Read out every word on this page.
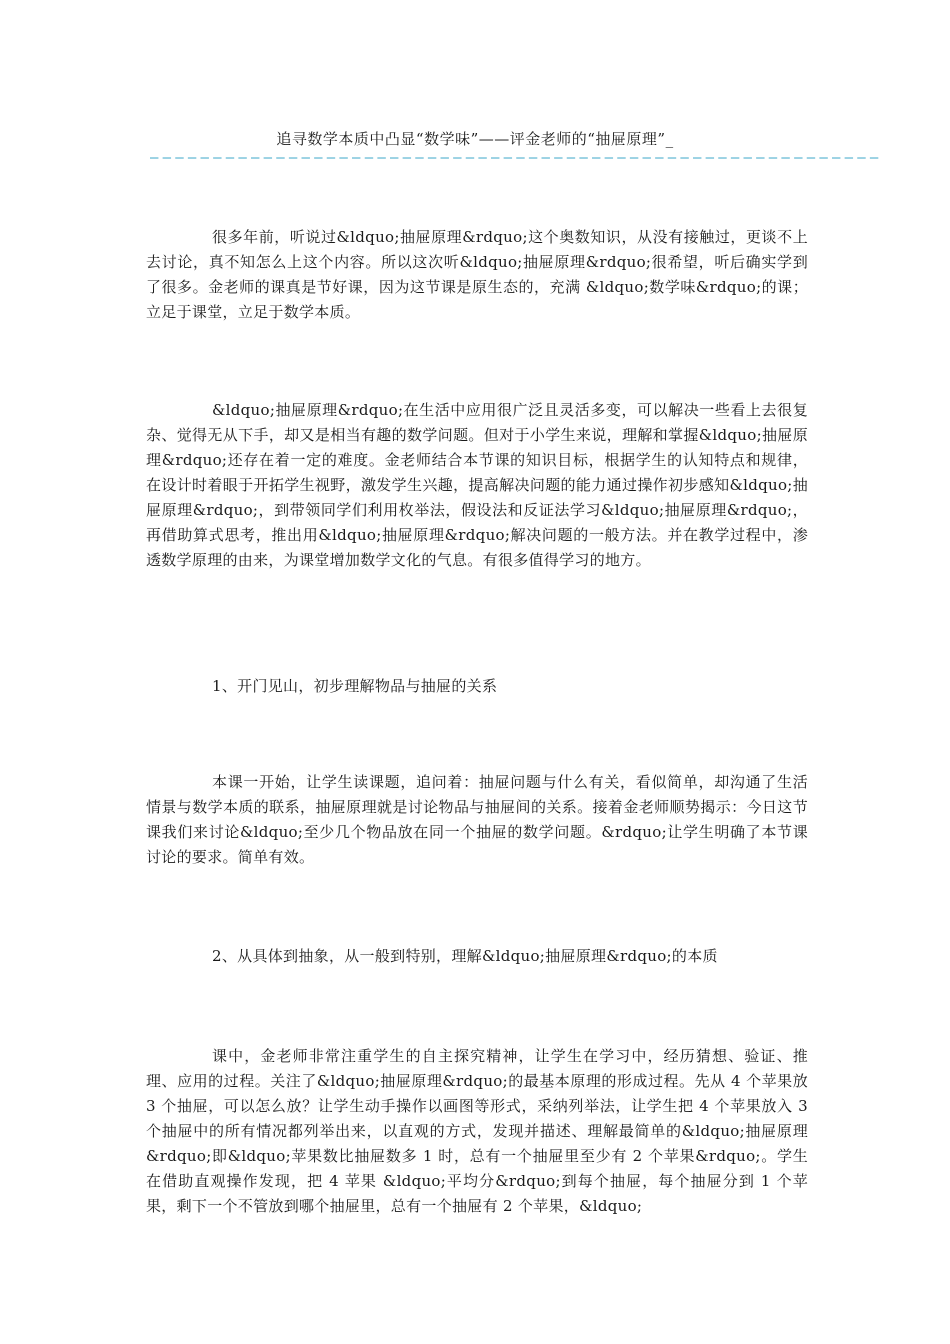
追寻数学本质中凸显“数学味”——评金老师的“抽屉原理”_
——————————————————————————————————————————————————————————

很多年前，听说过&ldquo;抽屉原理&rdquo;这个奥数知识，从没有接触过，更谈不上去讨论，真不知怎么上这个内容。所以这次听&ldquo;抽屉原理&rdquo;很希望，听后确实学到了很多。金老师的课真是节好课，因为这节课是原生态的，充满 &ldquo;数学味&rdquo;的课；立足于课堂，立足于数学本质。

&ldquo;抽屉原理&rdquo;在生活中应用很广泛且灵活多变，可以解决一些看上去很复杂、觉得无从下手，却又是相当有趣的数学问题。但对于小学生来说，理解和掌握&ldquo;抽屉原理&rdquo;还存在着一定的难度。金老师结合本节课的知识目标，根据学生的认知特点和规律，在设计时着眼于开拓学生视野，激发学生兴趣，提高解决问题的能力通过操作初步感知&ldquo;抽屉原理&rdquo;，到带领同学们利用枚举法，假设法和反证法学习&ldquo;抽屉原理&rdquo;，再借助算式思考，推出用&ldquo;抽屉原理&rdquo;解决问题的一般方法。并在教学过程中，渗透数学原理的由来，为课堂增加数学文化的气息。有很多值得学习的地方。

1、开门见山，初步理解物品与抽屉的关系

本课一开始，让学生读课题，追问着：抽屉问题与什么有关，看似简单，却沟通了生活情景与数学本质的联系，抽屉原理就是讨论物品与抽屉间的关系。接着金老师顺势揭示：今日这节课我们来讨论&ldquo;至少几个物品放在同一个抽屉的数学问题。&rdquo;让学生明确了本节课讨论的要求。简单有效。

2、从具体到抽象，从一般到特别，理解&ldquo;抽屉原理&rdquo;的本质

课中，金老师非常注重学生的自主探究精神，让学生在学习中，经历猜想、验证、推理、应用的过程。关注了&ldquo;抽屉原理&rdquo;的最基本原理的形成过程。先从 4 个苹果放 3 个抽屉，可以怎么放？让学生动手操作以画图等形式，采纳列举法，让学生把 4 个苹果放入 3 个抽屉中的所有情况都列举出来，以直观的方式，发现并描述、理解最简单的&ldquo;抽屉原理&rdquo;即&ldquo;苹果数比抽屉数多 1 时，总有一个抽屉里至少有 2 个苹果&rdquo;。学生在借助直观操作发现，把 4 苹果 &ldquo;平均分&rdquo;到每个抽屉，每个抽屉分到 1 个苹果，剩下一个不管放到哪个抽屉里，总有一个抽屉有 2 个苹果，&ldquo;
